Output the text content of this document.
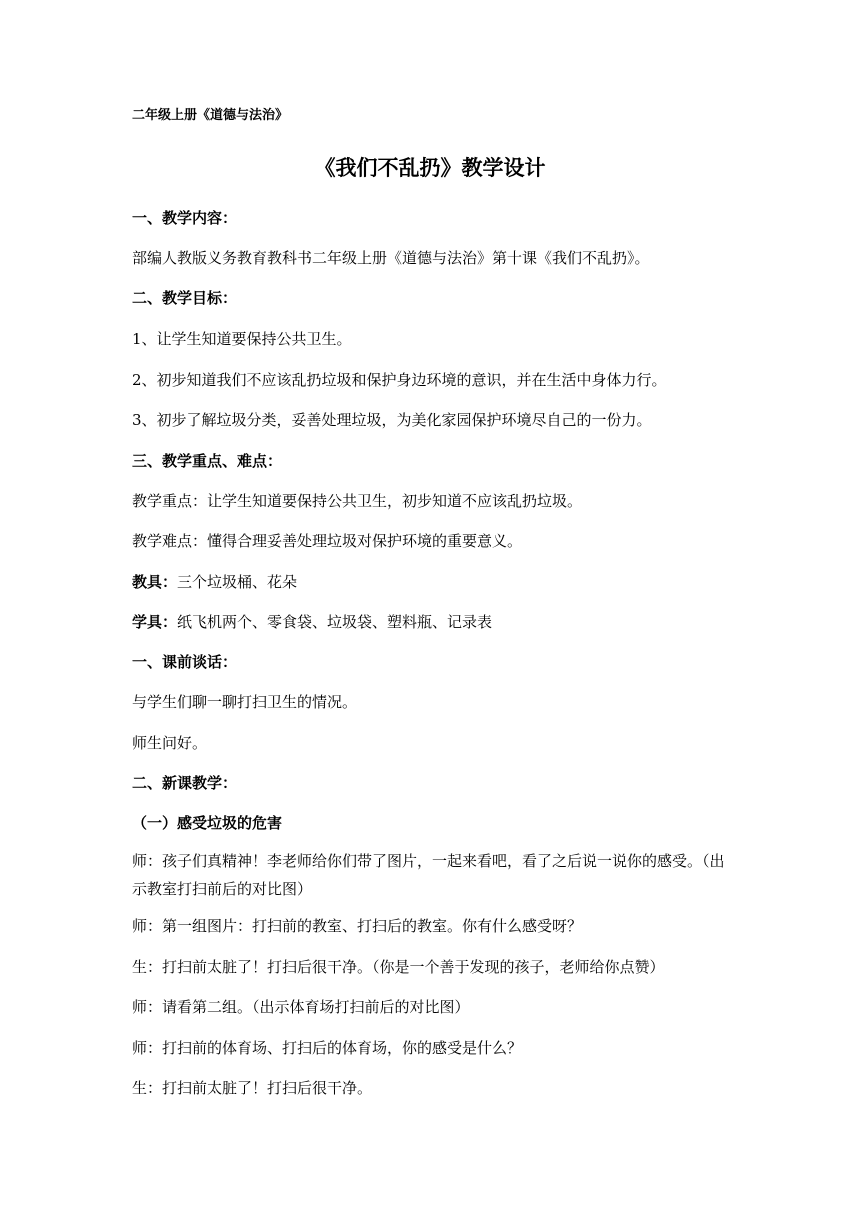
二年级上册《道德与法治》
《我们不乱扔》教学设计
一、教学内容：
部编人教版义务教育教科书二年级上册《道德与法治》第十课《我们不乱扔》。
二、教学目标：
1、让学生知道要保持公共卫生。
2、初步知道我们不应该乱扔垃圾和保护身边环境的意识，并在生活中身体力行。
3、初步了解垃圾分类，妥善处理垃圾，为美化家园保护环境尽自己的一份力。
三、教学重点、难点：
教学重点：让学生知道要保持公共卫生，初步知道不应该乱扔垃圾。
教学难点：懂得合理妥善处理垃圾对保护环境的重要意义。
教具：三个垃圾桶、花朵
学具：纸飞机两个、零食袋、垃圾袋、塑料瓶、记录表
一、课前谈话：
与学生们聊一聊打扫卫生的情况。
师生问好。
二、新课教学：
（一）感受垃圾的危害
师：孩子们真精神！李老师给你们带了图片，一起来看吧，看了之后说一说你的感受。（出示教室打扫前后的对比图）
师：第一组图片：打扫前的教室、打扫后的教室。你有什么感受呀？
生：打扫前太脏了！打扫后很干净。（你是一个善于发现的孩子，老师给你点赞）
师：请看第二组。（出示体育场打扫前后的对比图）
师：打扫前的体育场、打扫后的体育场，你的感受是什么？
生：打扫前太脏了！打扫后很干净。
